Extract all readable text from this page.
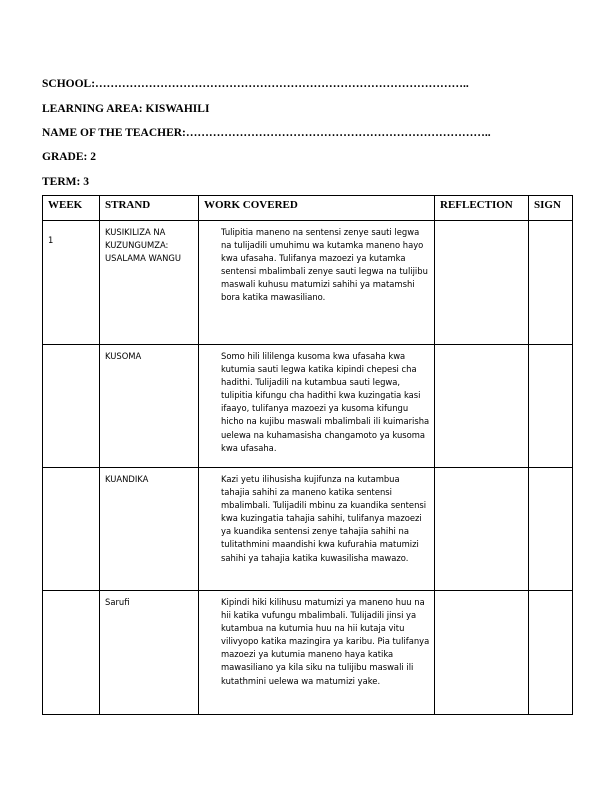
SCHOOL:……………………………………………………………………………………..
LEARNING AREA: KISWAHILI
NAME OF THE TEACHER:……………………………………………………………………..
GRADE: 2
TERM: 3
WEEK	STRAND	WORK COVERED	REFLECTION	SIGN
1	KUSIKILIZA NA KUZUNGUMZA: USALAMA WANGU	Tulipitia maneno na sentensi zenye sauti legwa na tulijadili umuhimu wa kutamka maneno hayo kwa ufasaha. Tulifanya mazoezi ya kutamka sentensi mbalimbali zenye sauti legwa na tulijibu maswali kuhusu matumizi sahihi ya matamshi bora katika mawasiliano.		
	KUSOMA	Somo hili lililenga kusoma kwa ufasaha kwa kutumia sauti legwa katika kipindi chepesi cha hadithi. Tulijadili na kutambua sauti legwa, tulipitia kifungu cha hadithi kwa kuzingatia kasi ifaayo, tulifanya mazoezi ya kusoma kifungu hicho na kujibu maswali mbalimbali ili kuimarisha uelewa na kuhamasisha changamoto ya kusoma kwa ufasaha.		
	KUANDIKA	Kazi yetu ilihusisha kujifunza na kutambua tahajia sahihi za maneno katika sentensi mbalimbali. Tulijadili mbinu za kuandika sentensi kwa kuzingatia tahajia sahihi, tulifanya mazoezi ya kuandika sentensi zenye tahajia sahihi na tulitathmini maandishi kwa kufurahia matumizi sahihi ya tahajia katika kuwasilisha mawazo.		
	Sarufi	Kipindi hiki kilihusu matumizi ya maneno huu na hii katika vufungu mbalimbali. Tulijadili jinsi ya kutambua na kutumia huu na hii kutaja vitu vilivyopo katika mazingira ya karibu. Pia tulifanya mazoezi ya kutumia maneno haya katika mawasiliano ya kila siku na tulijibu maswali ili kutathmini uelewa wa matumizi yake.		
